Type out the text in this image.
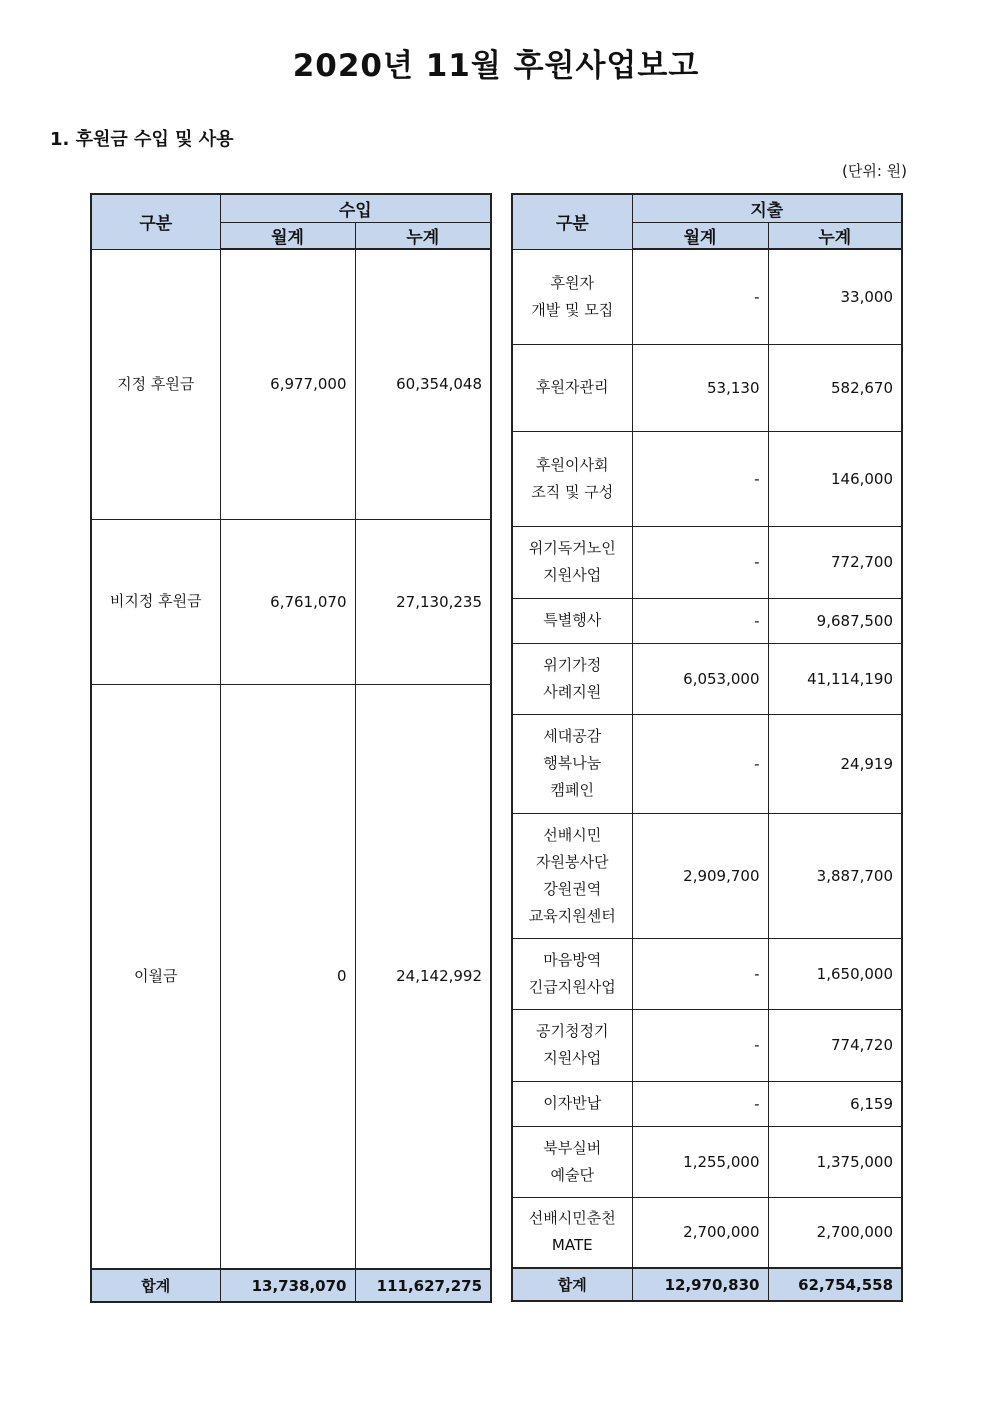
2020년 11월 후원사업보고
1. 후원금 수입 및 사용
(단위: 원)
구분	수입	
	월계	누계
지정 후원금	6,977,000	60,354,048
비지정 후원금	6,761,070	27,130,235
이월금	0	24,142,992
합계	13,738,070	111,627,275
구분	지출	
	월계	누계

후원자
개발 및 모집	-	33,000

후원자관리	53,130	582,670

후원이사회
조직 및 구성	-	146,000

위기독거노인
지원사업	-	772,700

특별행사	-	9,687,500

위기가정
사례지원	6,053,000	41,114,190

세대공감
행복나눔
캠페인	-	24,919

선배시민
자원봉사단
강원권역
교육지원센터	2,909,700	3,887,700

마음방역
긴급지원사업	-	1,650,000

공기청정기
지원사업	-	774,720

이자반납	-	6,159

북부실버
예술단	1,255,000	1,375,000

선배시민춘천
MATE	2,700,000	2,700,000
합계	12,970,830	62,754,558
